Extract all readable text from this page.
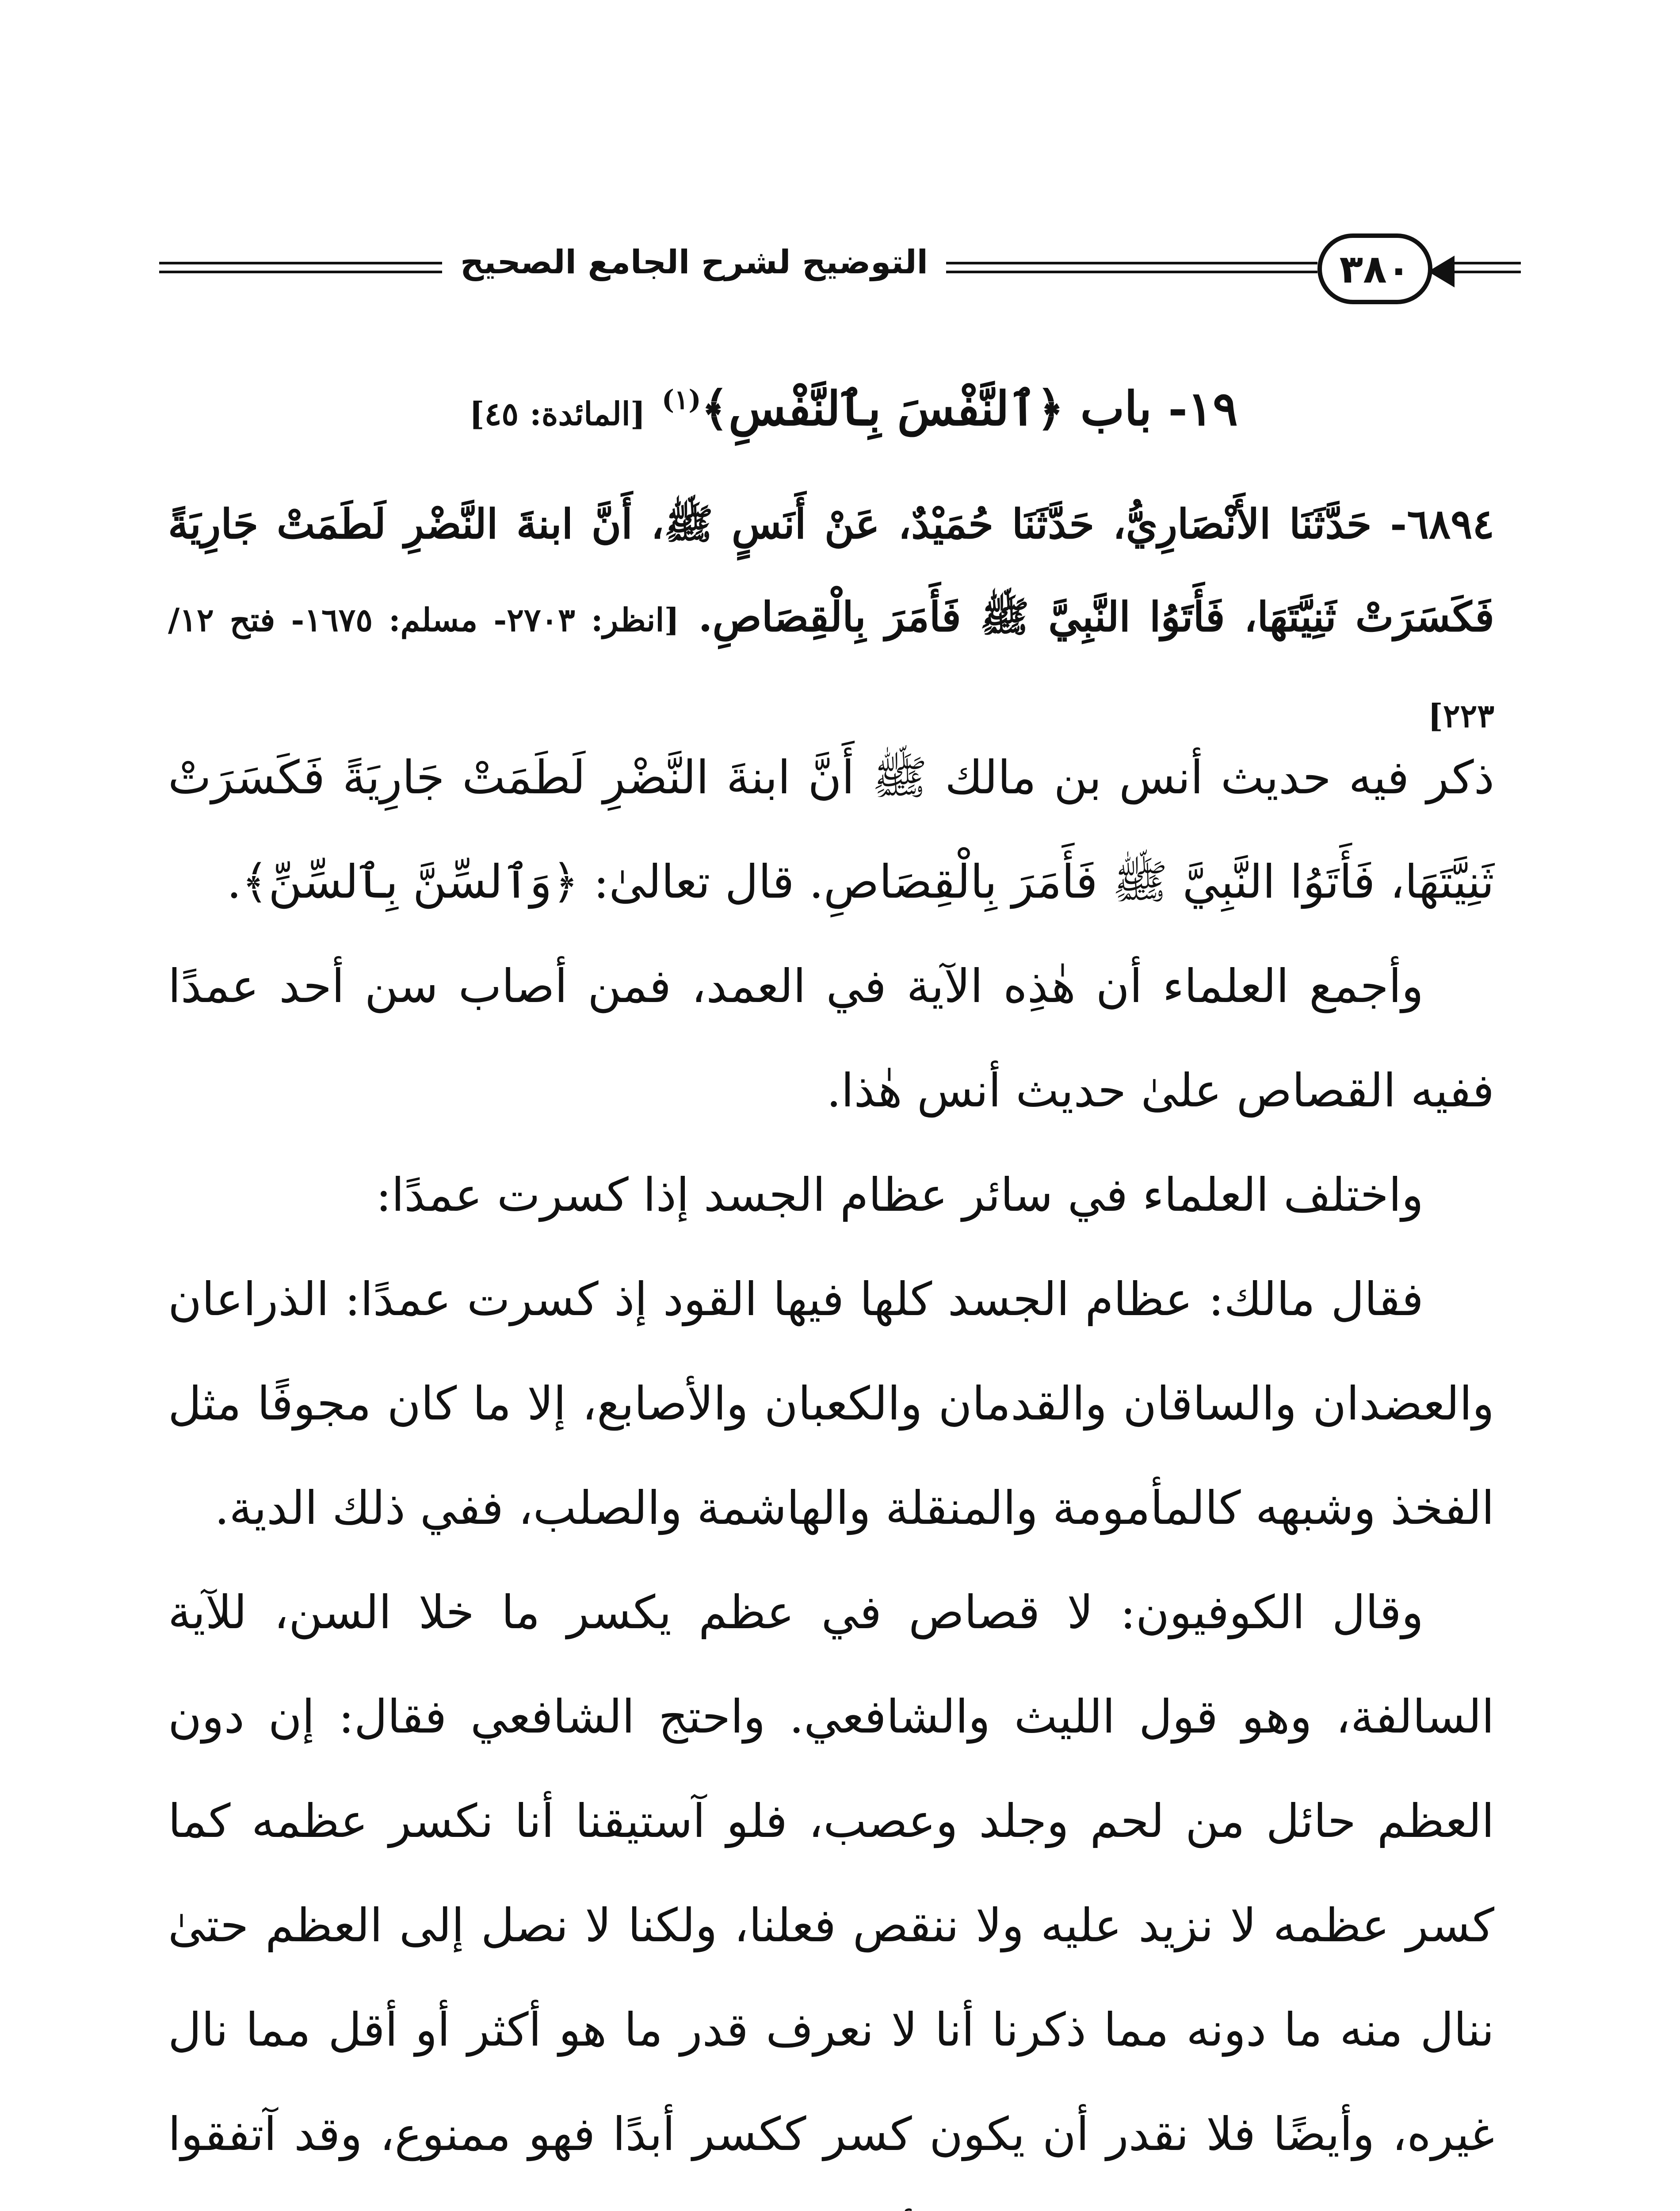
التوضيح لشرح الجامع الصحيح	٣٨٠
١٩- باب ﴿ٱلنَّفْسَ بِٱلنَّفْسِ﴾$^{(١)}$ [المائدة: ٤٥]
٦٨٩٤- حَدَّثَنَا الأَنْصَارِيُّ، حَدَّثَنَا حُمَيْدٌ، عَنْ أَنَسٍ ﷺ، أَنَّ ابنةَ النَّضْرِ لَطَمَتْ جَارِيَةً فَكَسَرَتْ ثَنِيَّتَهَا، فَأَتَوُا النَّبِيَّ ﷺ فَأَمَرَ بِالْقِصَاصِ. [انظر: ٢٧٠٣- مسلم: ١٦٧٥- فتح ١٢/ ٢٢٣]

ذكر فيه حديث أنس بن مالك ﷺ أَنَّ ابنةَ النَّضْرِ لَطَمَتْ جَارِيَةً فَكَسَرَتْ ثَنِيَّتَهَا، فَأَتَوُا النَّبِيَّ ﷺ فَأَمَرَ بِالْقِصَاصِ. قال تعالىٰ: ﴿وَٱلسِّنَّ بِٱلسِّنِّ﴾.

وأجمع العلماء أن هٰذِه الآية في العمد، فمن أصاب سن أحد عمدًا ففيه القصاص علىٰ حديث أنس هٰذا.

واختلف العلماء في سائر عظام الجسد إذا كسرت عمدًا:

فقال مالك: عظام الجسد كلها فيها القود إذ كسرت عمدًا: الذراعان والعضدان والساقان والقدمان والكعبان والأصابع، إلا ما كان مجوفًا مثل الفخذ وشبهه كالمأمومة والمنقلة والهاشمة والصلب، ففي ذلك الدية.

وقال الكوفيون: لا قصاص في عظم يكسر ما خلا السن، للآية السالفة، وهو قول الليث والشافعي. واحتج الشافعي فقال: إن دون العظم حائل من لحم وجلد وعصب، فلو آستيقنا أنا نكسر عظمه كما كسر عظمه لا نزيد عليه ولا ننقص فعلنا، ولكنا لا نصل إلى العظم حتىٰ ننال منه ما دونه مما ذكرنا أنا لا نعرف قدر ما هو أكثر أو أقل مما نال غيره، وأيضًا فلا نقدر أن يكون كسر ككسر أبدًا فهو ممنوع، وقد آتفقوا
